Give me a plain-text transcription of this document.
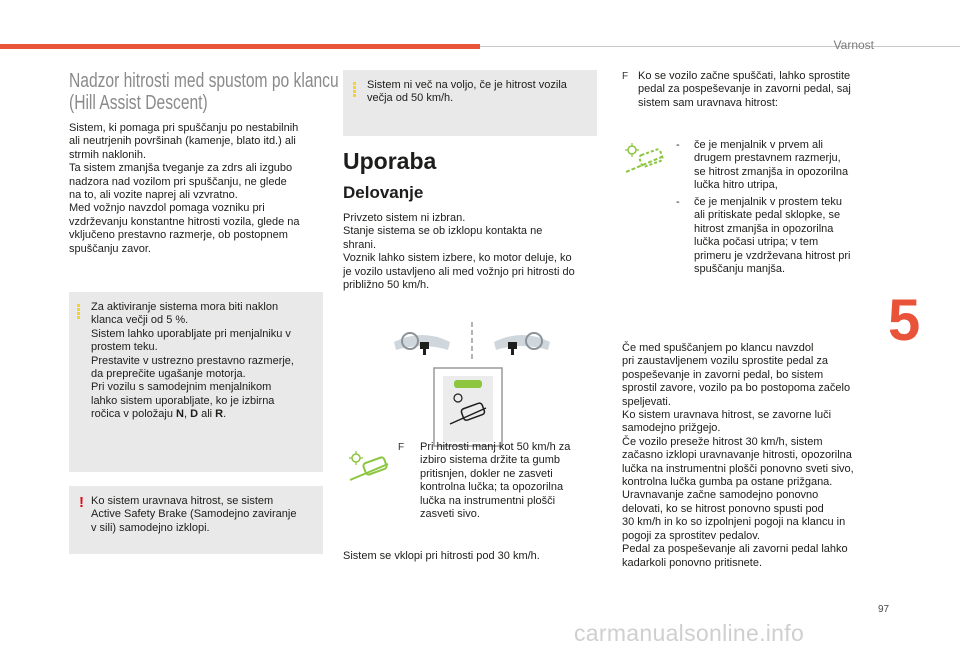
Varnost
5
97
carmanualsonline.info
Nadzor hitrosti med spustom po klancu
(Hill Assist Descent)
Sistem, ki pomaga pri spuščanju po nestabilnih
ali neutrjenih površinah (kamenje, blato itd.) ali
strmih naklonih.
Ta sistem zmanjša tveganje za zdrs ali izgubo
nadzora nad vozilom pri spuščanju, ne glede
na to, ali vozite naprej ali vzvratno.
Med vožnjo navzdol pomaga vozniku pri
vzdrževanju konstantne hitrosti vozila, glede na
vključeno prestavno razmerje, ob postopnem
spuščanju zavor.
Za aktiviranje sistema mora biti naklon
klanca večji od 5 %.
Sistem lahko uporabljate pri menjalniku v
prostem teku.
Prestavite v ustrezno prestavno razmerje,
da preprečite ugašanje motorja.
Pri vozilu s samodejnim menjalnikom
lahko sistem uporabljate, ko je izbirna
ročica v položaju N, D ali R.
! Ko sistem uravnava hitrost, se sistem
Active Safety Brake (Samodejno zaviranje
v sili) samodejno izklopi.
Sistem ni več na voljo, če je hitrost vozila
večja od 50 km/h.
Uporaba
Delovanje
Privzeto sistem ni izbran.
Stanje sistema se ob izklopu kontakta ne
shrani.
Voznik lahko sistem izbere, ko motor deluje, ko
je vozilo ustavljeno ali med vožnjo pri hitrosti do
približno 50 km/h.
F Pri hitrosti manj kot 50 km/h za
izbiro sistema držite ta gumb
pritisnjen, dokler ne zasveti
kontrolna lučka; ta opozorilna
lučka na instrumentni plošči
zasveti sivo.
Sistem se vklopi pri hitrosti pod 30 km/h.
F Ko se vozilo začne spuščati, lahko sprostite
pedal za pospeševanje in zavorni pedal, saj
sistem sam uravnava hitrost:
- če je menjalnik v prvem ali
drugem prestavnem razmerju,
se hitrost zmanjša in opozorilna
lučka hitro utripa,
- če je menjalnik v prostem teku
ali pritiskate pedal sklopke, se
hitrost zmanjša in opozorilna
lučka počasi utripa; v tem
primeru je vzdrževana hitrost pri
spuščanju manjša.
Če med spuščanjem po klancu navzdol
pri zaustavljenem vozilu sprostite pedal za
pospeševanje in zavorni pedal, bo sistem
sprostil zavore, vozilo pa bo postopoma začelo
speljevati.
Ko sistem uravnava hitrost, se zavorne luči
samodejno prižgejo.
Če vozilo preseže hitrost 30 km/h, sistem
začasno izklopi uravnavanje hitrosti, opozorilna
lučka na instrumentni plošči ponovno sveti sivo,
kontrolna lučka gumba pa ostane prižgana.
Uravnavanje začne samodejno ponovno
delovati, ko se hitrost ponovno spusti pod
30 km/h in ko so izpolnjeni pogoji na klancu in
pogoji za sprostitev pedalov.
Pedal za pospeševanje ali zavorni pedal lahko
kadarkoli ponovno pritisnete.
